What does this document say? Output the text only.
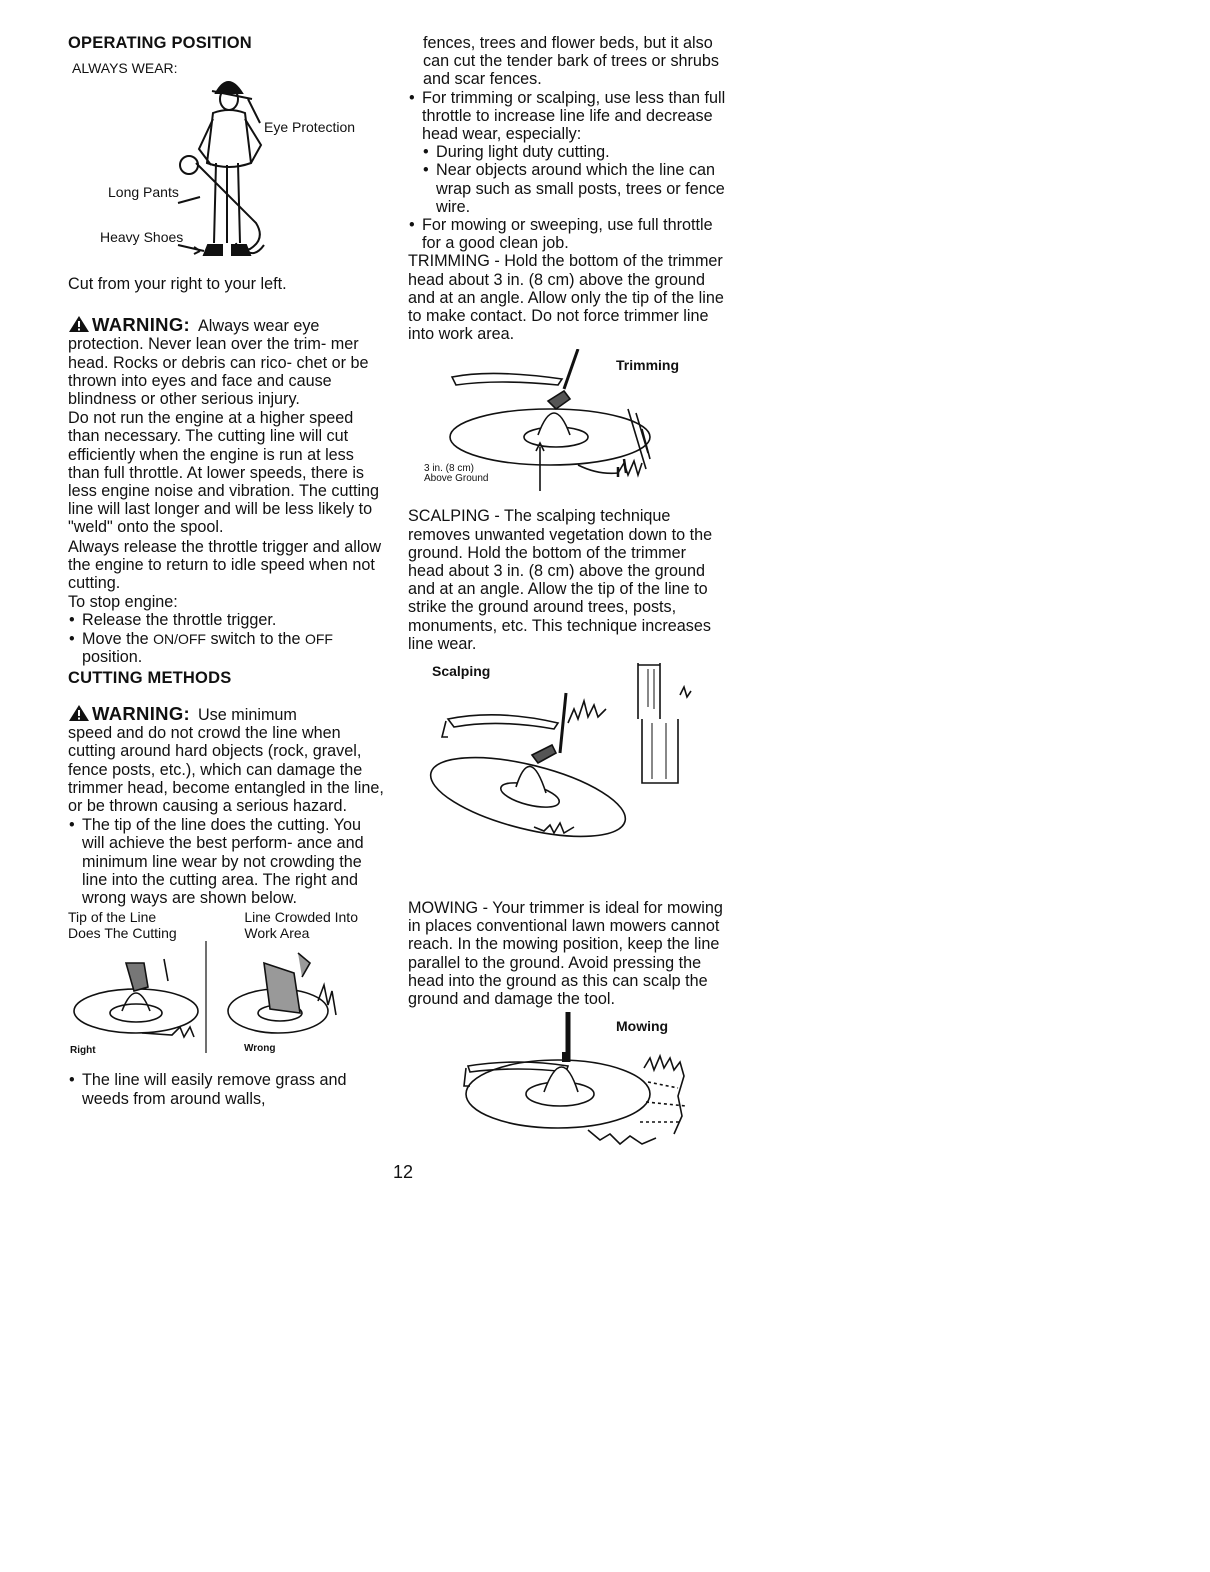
OPERATING POSITION

ALWAYS WEAR:
Eye Protection
Long Pants
Heavy Shoes

Cut from your right to your left.

WARNING: Always wear eye

protection. Never lean over the trim- mer head. Rocks or debris can rico- chet or be thrown into eyes and face and cause blindness or other serious injury.

Do not run the engine at a higher speed than necessary. The cutting line will cut efficiently when the engine is run at less than full throttle. At lower speeds, there is less engine noise and vibration. The cutting line will last longer and will be less likely to "weld" onto the spool.

Always release the throttle trigger and allow the engine to return to idle speed when not cutting.

To stop engine:

• Release the throttle trigger.

• Move the ON/OFF switch to the OFF position.

CUTTING METHODS

WARNING: Use minimum

speed and do not crowd the line when cutting around hard objects (rock, gravel, fence posts, etc.), which can damage the trimmer head, become entangled in the line, or be thrown causing a serious hazard.

• The tip of the line does the cutting. You will achieve the best perform- ance and minimum line wear by not crowding the line into the cutting area. The right and wrong ways are shown below.

Tip of the Line
Does The Cutting
Line Crowded Into
Work Area
Right	Wrong

• The line will easily remove grass and weeds from around walls,

fences, trees and flower beds, but it also can cut the tender bark of trees or shrubs and scar fences.

• For trimming or scalping, use less than full throttle to increase line life and decrease head wear, especially:

• During light duty cutting.

• Near objects around which the line can wrap such as small posts, trees or fence wire.

• For mowing or sweeping, use full throttle for a good clean job.

TRIMMING - Hold the bottom of the trimmer head about 3 in. (8 cm) above the ground and at an angle. Allow only the tip of the line to make contact. Do not force trimmer line into work area.

Trimming
3 in. (8 cm)
Above Ground

SCALPING - The scalping technique removes unwanted vegetation down to the ground. Hold the bottom of the trimmer head about 3 in. (8 cm) above the ground and at an angle. Allow the tip of the line to strike the ground around trees, posts, monuments, etc. This technique increases line wear.

Scalping

MOWING - Your trimmer is ideal for mowing in places conventional lawn mowers cannot reach. In the mowing position, keep the line parallel to the ground. Avoid pressing the head into the ground as this can scalp the ground and damage the tool.

Mowing
12
